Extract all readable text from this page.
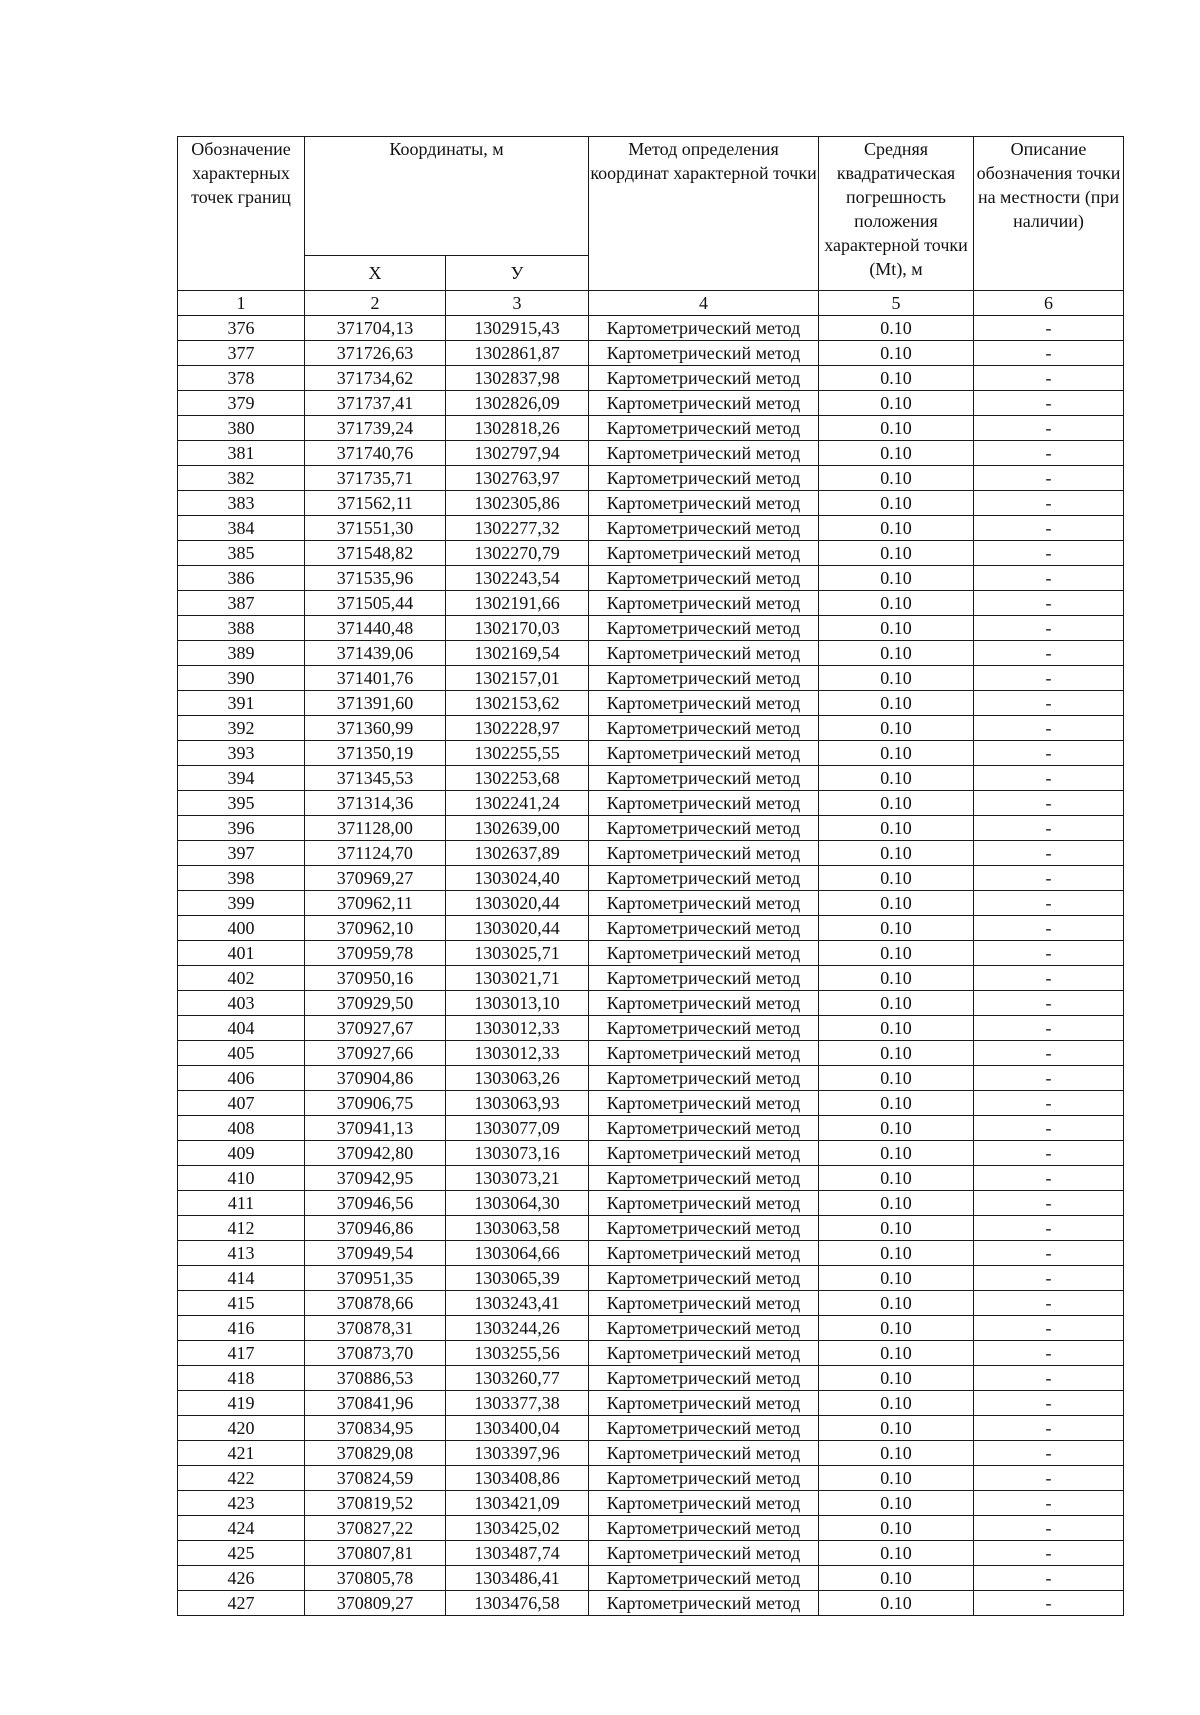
Обозначение характерных точек границ	Координаты, м		Метод определения координат характерной точки	Средняя квадратическая погрешность положения характерной точки (Mt), м	Описание обозначения точки на местности (при наличии)
	X	У			
1	2	3	4	5	6
376	371704,13	1302915,43	Картометрический метод	0.10	-
377	371726,63	1302861,87	Картометрический метод	0.10	-
378	371734,62	1302837,98	Картометрический метод	0.10	-
379	371737,41	1302826,09	Картометрический метод	0.10	-
380	371739,24	1302818,26	Картометрический метод	0.10	-
381	371740,76	1302797,94	Картометрический метод	0.10	-
382	371735,71	1302763,97	Картометрический метод	0.10	-
383	371562,11	1302305,86	Картометрический метод	0.10	-
384	371551,30	1302277,32	Картометрический метод	0.10	-
385	371548,82	1302270,79	Картометрический метод	0.10	-
386	371535,96	1302243,54	Картометрический метод	0.10	-
387	371505,44	1302191,66	Картометрический метод	0.10	-
388	371440,48	1302170,03	Картометрический метод	0.10	-
389	371439,06	1302169,54	Картометрический метод	0.10	-
390	371401,76	1302157,01	Картометрический метод	0.10	-
391	371391,60	1302153,62	Картометрический метод	0.10	-
392	371360,99	1302228,97	Картометрический метод	0.10	-
393	371350,19	1302255,55	Картометрический метод	0.10	-
394	371345,53	1302253,68	Картометрический метод	0.10	-
395	371314,36	1302241,24	Картометрический метод	0.10	-
396	371128,00	1302639,00	Картометрический метод	0.10	-
397	371124,70	1302637,89	Картометрический метод	0.10	-
398	370969,27	1303024,40	Картометрический метод	0.10	-
399	370962,11	1303020,44	Картометрический метод	0.10	-
400	370962,10	1303020,44	Картометрический метод	0.10	-
401	370959,78	1303025,71	Картометрический метод	0.10	-
402	370950,16	1303021,71	Картометрический метод	0.10	-
403	370929,50	1303013,10	Картометрический метод	0.10	-
404	370927,67	1303012,33	Картометрический метод	0.10	-
405	370927,66	1303012,33	Картометрический метод	0.10	-
406	370904,86	1303063,26	Картометрический метод	0.10	-
407	370906,75	1303063,93	Картометрический метод	0.10	-
408	370941,13	1303077,09	Картометрический метод	0.10	-
409	370942,80	1303073,16	Картометрический метод	0.10	-
410	370942,95	1303073,21	Картометрический метод	0.10	-
411	370946,56	1303064,30	Картометрический метод	0.10	-
412	370946,86	1303063,58	Картометрический метод	0.10	-
413	370949,54	1303064,66	Картометрический метод	0.10	-
414	370951,35	1303065,39	Картометрический метод	0.10	-
415	370878,66	1303243,41	Картометрический метод	0.10	-
416	370878,31	1303244,26	Картометрический метод	0.10	-
417	370873,70	1303255,56	Картометрический метод	0.10	-
418	370886,53	1303260,77	Картометрический метод	0.10	-
419	370841,96	1303377,38	Картометрический метод	0.10	-
420	370834,95	1303400,04	Картометрический метод	0.10	-
421	370829,08	1303397,96	Картометрический метод	0.10	-
422	370824,59	1303408,86	Картометрический метод	0.10	-
423	370819,52	1303421,09	Картометрический метод	0.10	-
424	370827,22	1303425,02	Картометрический метод	0.10	-
425	370807,81	1303487,74	Картометрический метод	0.10	-
426	370805,78	1303486,41	Картометрический метод	0.10	-
427	370809,27	1303476,58	Картометрический метод	0.10	-
